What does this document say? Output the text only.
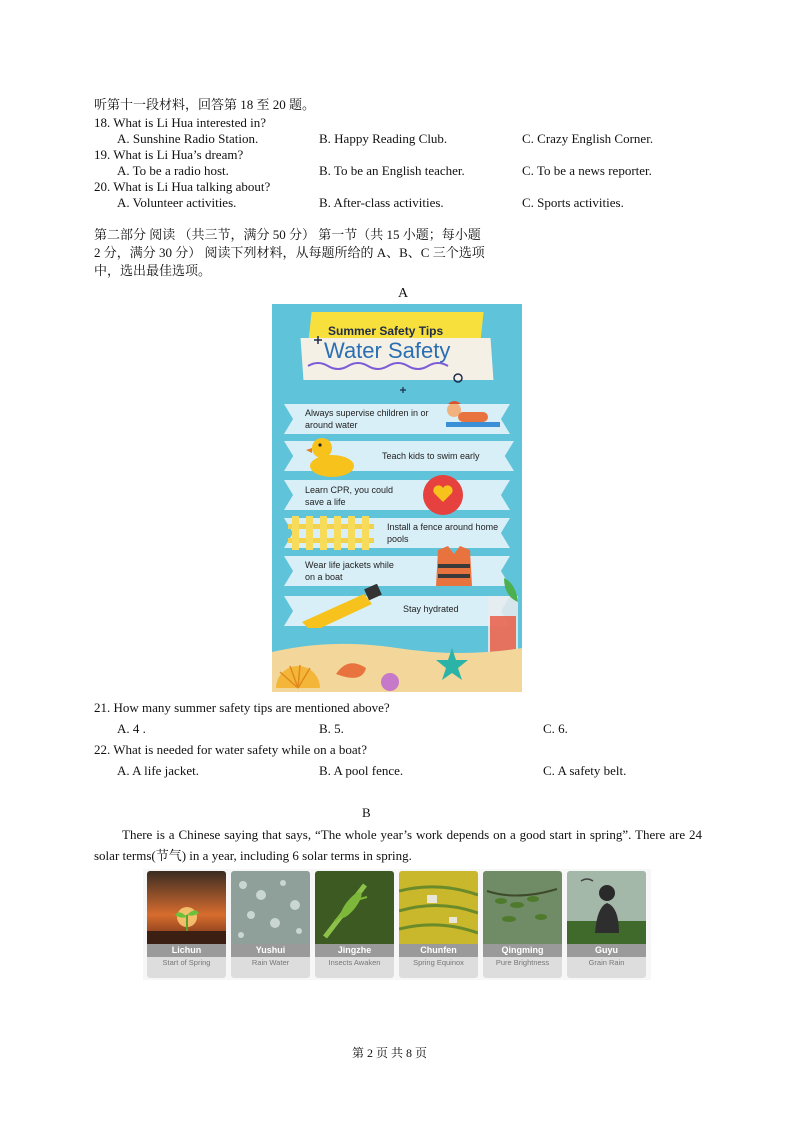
听第十一段材料，回答第 18 至 20 题。
18. What is Li Hua interested in?
A. Sunshine Radio Station.	B. Happy Reading Club.	C. Crazy English Corner.
19. What is Li Hua’s dream?
A. To be a radio host.	B. To be an English teacher.	C. To be a news reporter.
20. What is Li Hua talking about?
A. Volunteer activities.	B. After-class activities.	C. Sports activities.
第二部分 阅读 （共三节，满分 50 分） 第一节（共 15 小题；每小题
2 分，满分 30 分） 阅读下列材料，从每题所给的 A、B、C 三个选项
中，选出最佳选项。
A
Summer Safety Tips
Water Safety
Always supervise children in or around water
Teach kids to swim early
Learn CPR, you could save a life
Install a fence around home pools
Wear life jackets while on a boat
Stay hydrated
21. How many summer safety tips are mentioned above?
A. 4 .	B. 5.	C. 6.
22. What is needed for water safety while on a boat?
A. A life jacket.	B. A pool fence.	C. A safety belt.
B
There is a Chinese saying that says, “The whole year’s work depends on a good start in spring”. There are 24 solar terms(节气) in a year, including 6 solar terms in spring.
Lichun
Start of Spring
Yushui
Rain Water
Jingzhe
Insects Awaken
Chunfen
Spring Equinox
Qingming
Pure Brightness
Guyu
Grain Rain
第 2 页 共 8 页
